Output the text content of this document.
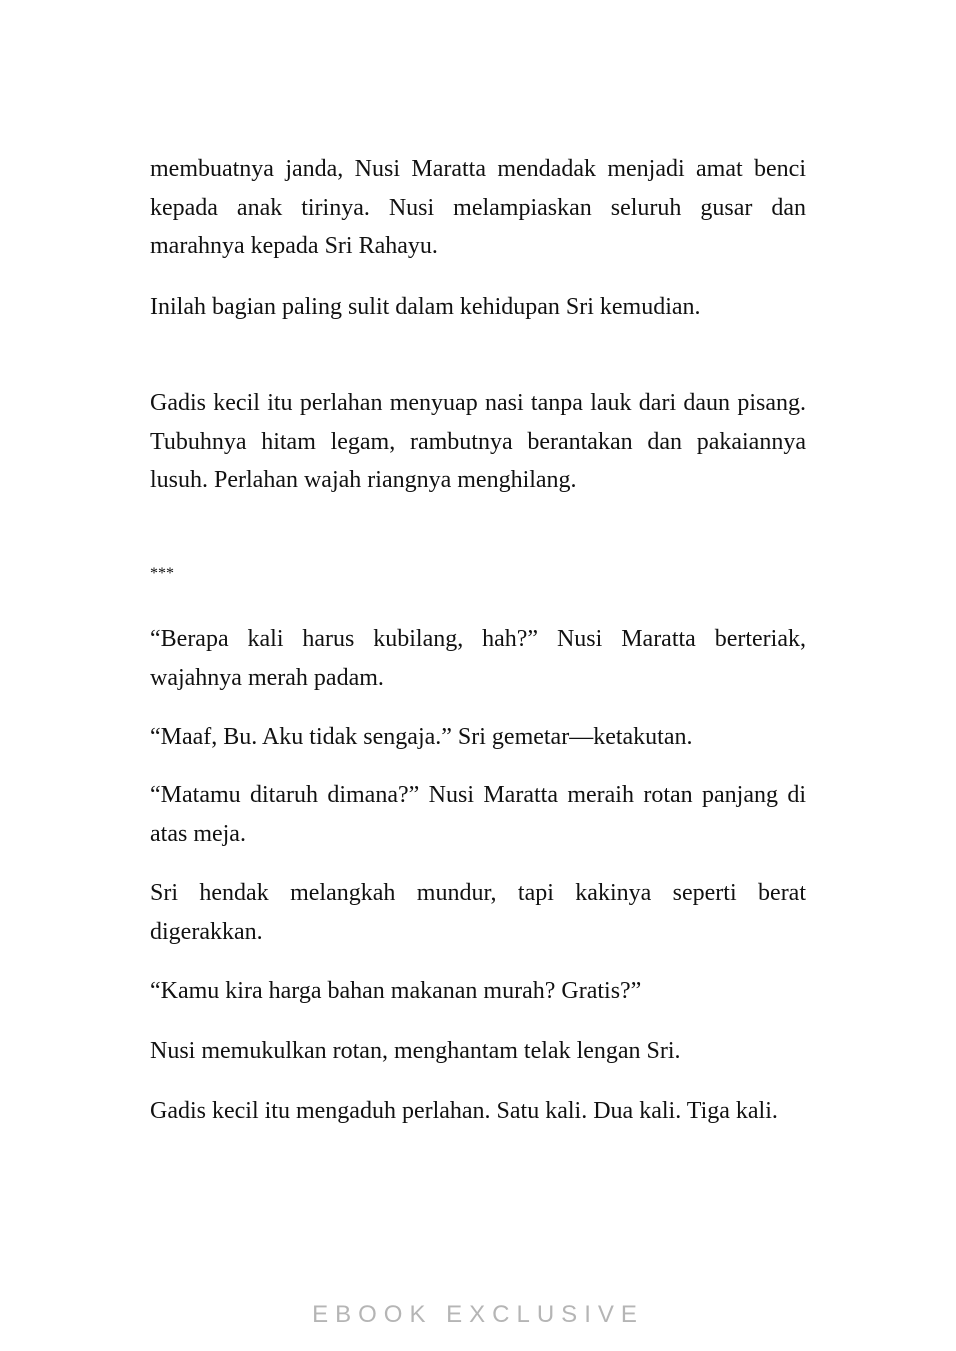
membuatnya janda, Nusi Maratta mendadak menjadi amat benci kepada anak tirinya. Nusi melampiaskan seluruh gusar dan marahnya kepada Sri Rahayu.

Inilah bagian paling sulit dalam kehidupan Sri kemudian.

Gadis kecil itu perlahan menyuap nasi tanpa lauk dari daun pisang. Tubuhnya hitam legam, rambutnya berantakan dan pakaiannya lusuh. Perlahan wajah riangnya menghilang.

***

“Berapa kali harus kubilang, hah?” Nusi Maratta berteriak, wajahnya merah padam.

“Maaf, Bu. Aku tidak sengaja.” Sri gemetar—ketakutan.

“Matamu ditaruh dimana?” Nusi Maratta meraih rotan panjang di atas meja.

Sri hendak melangkah mundur, tapi kakinya seperti berat digerakkan.

“Kamu kira harga bahan makanan murah? Gratis?”

Nusi memukulkan rotan, menghantam telak lengan Sri.

Gadis kecil itu mengaduh perlahan. Satu kali. Dua kali. Tiga kali.

EBOOK EXCLUSIVE
